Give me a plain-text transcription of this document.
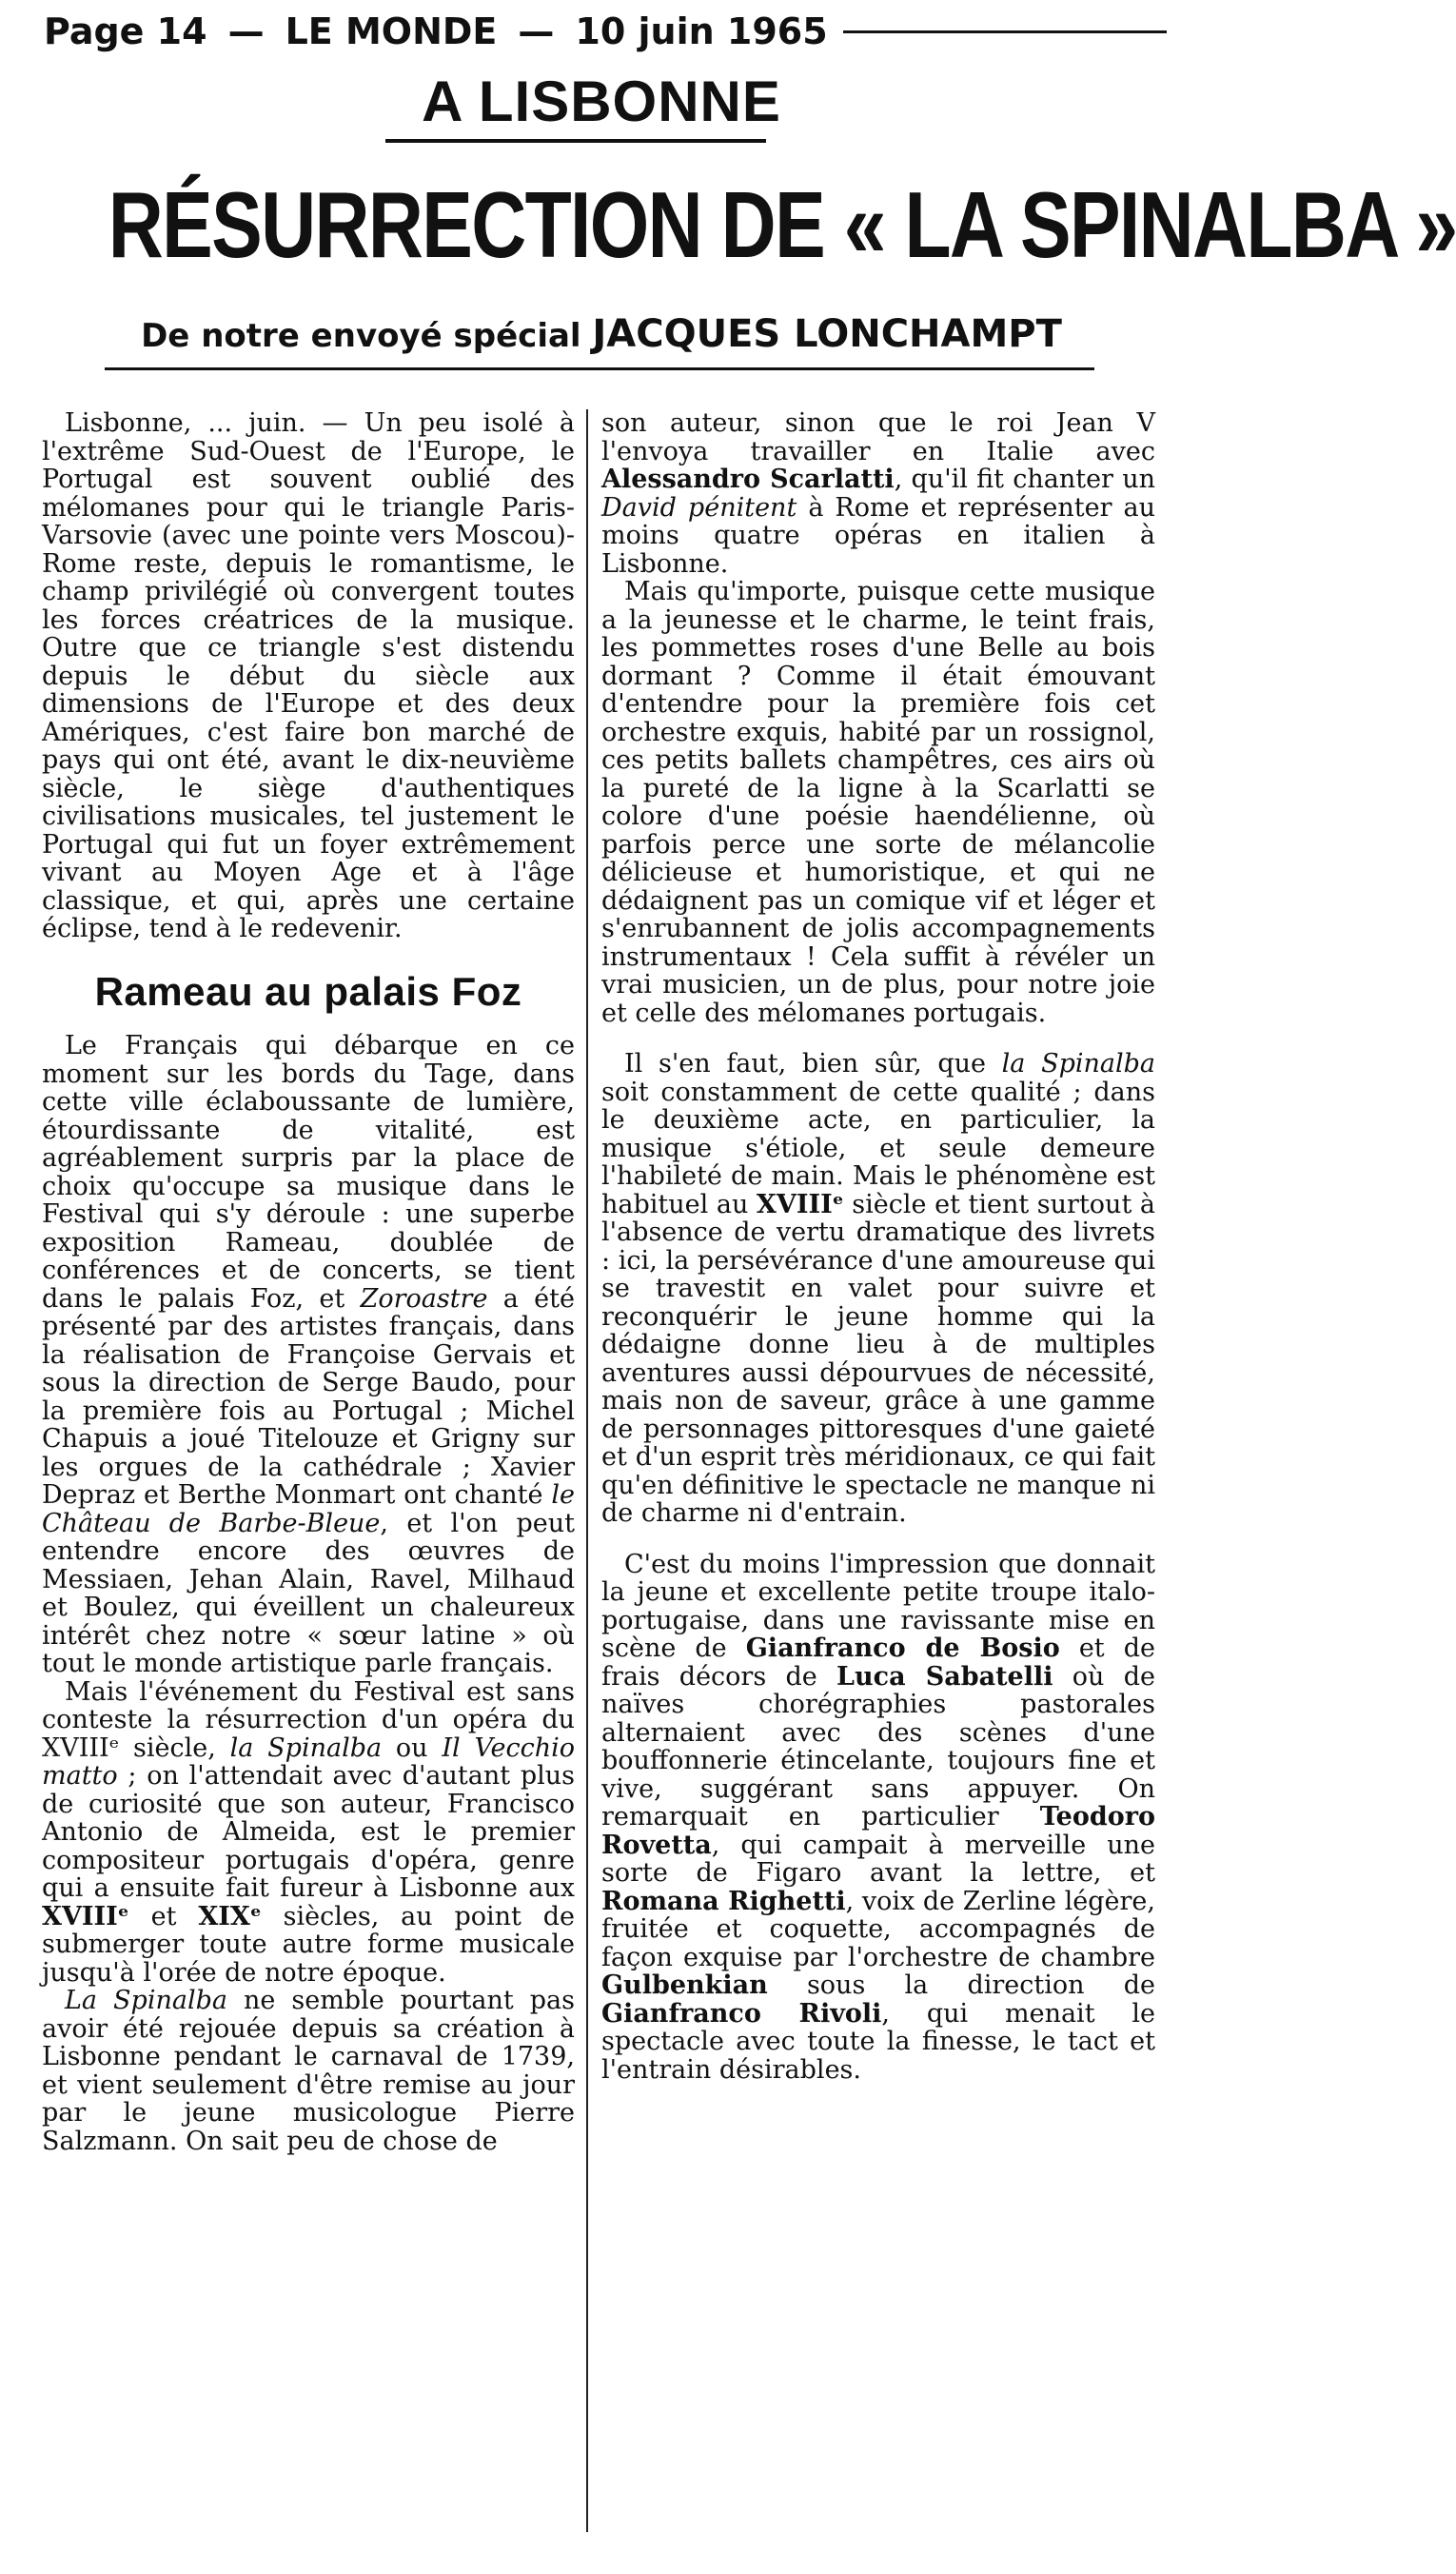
Page 14 — LE MONDE — 10 juin 1965
A LISBONNE
RÉSURRECTION DE « LA SPINALBA »
De notre envoyé spécial JACQUES LONCHAMPT

Lisbonne, ... juin. — Un peu isolé à l'extrême Sud-Ouest de l'Europe, le Portugal est souvent oublié des mélomanes pour qui le triangle Paris-Varsovie (avec une pointe vers Moscou)-Rome reste, depuis le romantisme, le champ privilégié où convergent toutes les forces créatrices de la musique. Outre que ce triangle s'est distendu depuis le début du siècle aux dimensions de l'Europe et des deux Amériques, c'est faire bon marché de pays qui ont été, avant le dix-neuvième siècle, le siège d'authentiques civilisations musicales, tel justement le Portugal qui fut un foyer extrêmement vivant au Moyen Age et à l'âge classique, et qui, après une certaine éclipse, tend à le redevenir.

Rameau au palais Foz

Le Français qui débarque en ce moment sur les bords du Tage, dans cette ville éclaboussante de lumière, étourdissante de vitalité, est agréablement surpris par la place de choix qu'occupe sa musique dans le Festival qui s'y déroule : une superbe exposition Rameau, doublée de conférences et de concerts, se tient dans le palais Foz, et Zoroastre a été présenté par des artistes français, dans la réalisation de Françoise Gervais et sous la direction de Serge Baudo, pour la première fois au Portugal ; Michel Chapuis a joué Titelouze et Grigny sur les orgues de la cathédrale ; Xavier Depraz et Berthe Monmart ont chanté le Château de Barbe-Bleue, et l'on peut entendre encore des œuvres de Messiaen, Jehan Alain, Ravel, Milhaud et Boulez, qui éveillent un chaleureux intérêt chez notre « sœur latine » où tout le monde artistique parle français.

Mais l'événement du Festival est sans conteste la résurrection d'un opéra du XVIIIᵉ siècle, la Spinalba ou Il Vecchio matto ; on l'attendait avec d'autant plus de curiosité que son auteur, Francisco Antonio de Almeida, est le premier compositeur portugais d'opéra, genre qui a ensuite fait fureur à Lisbonne aux XVIIIᵉ et XIXᵉ siècles, au point de submerger toute autre forme musicale jusqu'à l'orée de notre époque.

La Spinalba ne semble pourtant pas avoir été rejouée depuis sa création à Lisbonne pendant le carnaval de 1739, et vient seulement d'être remise au jour par le jeune musicologue Pierre Salzmann. On sait peu de chose de

son auteur, sinon que le roi Jean V l'envoya travailler en Italie avec Alessandro Scarlatti, qu'il fit chanter un David pénitent à Rome et représenter au moins quatre opéras en italien à Lisbonne.

Mais qu'importe, puisque cette musique a la jeunesse et le charme, le teint frais, les pommettes roses d'une Belle au bois dormant ? Comme il était émouvant d'entendre pour la première fois cet orchestre exquis, habité par un rossignol, ces petits ballets champêtres, ces airs où la pureté de la ligne à la Scarlatti se colore d'une poésie haendélienne, où parfois perce une sorte de mélancolie délicieuse et humoristique, et qui ne dédaignent pas un comique vif et léger et s'enrubannent de jolis accompagnements instrumentaux ! Cela suffit à révéler un vrai musicien, un de plus, pour notre joie et celle des mélomanes portugais.

Il s'en faut, bien sûr, que la Spinalba soit constamment de cette qualité ; dans le deuxième acte, en particulier, la musique s'étiole, et seule demeure l'habileté de main. Mais le phénomène est habituel au XVIIIᵉ siècle et tient surtout à l'absence de vertu dramatique des livrets : ici, la persévérance d'une amoureuse qui se travestit en valet pour suivre et reconquérir le jeune homme qui la dédaigne donne lieu à de multiples aventures aussi dépourvues de nécessité, mais non de saveur, grâce à une gamme de personnages pittoresques d'une gaieté et d'un esprit très méridionaux, ce qui fait qu'en définitive le spectacle ne manque ni de charme ni d'entrain.

C'est du moins l'impression que donnait la jeune et excellente petite troupe italo-portugaise, dans une ravissante mise en scène de Gianfranco de Bosio et de frais décors de Luca Sabatelli où de naïves chorégraphies pastorales alternaient avec des scènes d'une bouffonnerie étincelante, toujours fine et vive, suggérant sans appuyer. On remarquait en particulier Teodoro Rovetta, qui campait à merveille une sorte de Figaro avant la lettre, et Romana Righetti, voix de Zerline légère, fruitée et coquette, accompagnés de façon exquise par l'orchestre de chambre Gulbenkian sous la direction de Gianfranco Rivoli, qui menait le spectacle avec toute la finesse, le tact et l'entrain désirables.
